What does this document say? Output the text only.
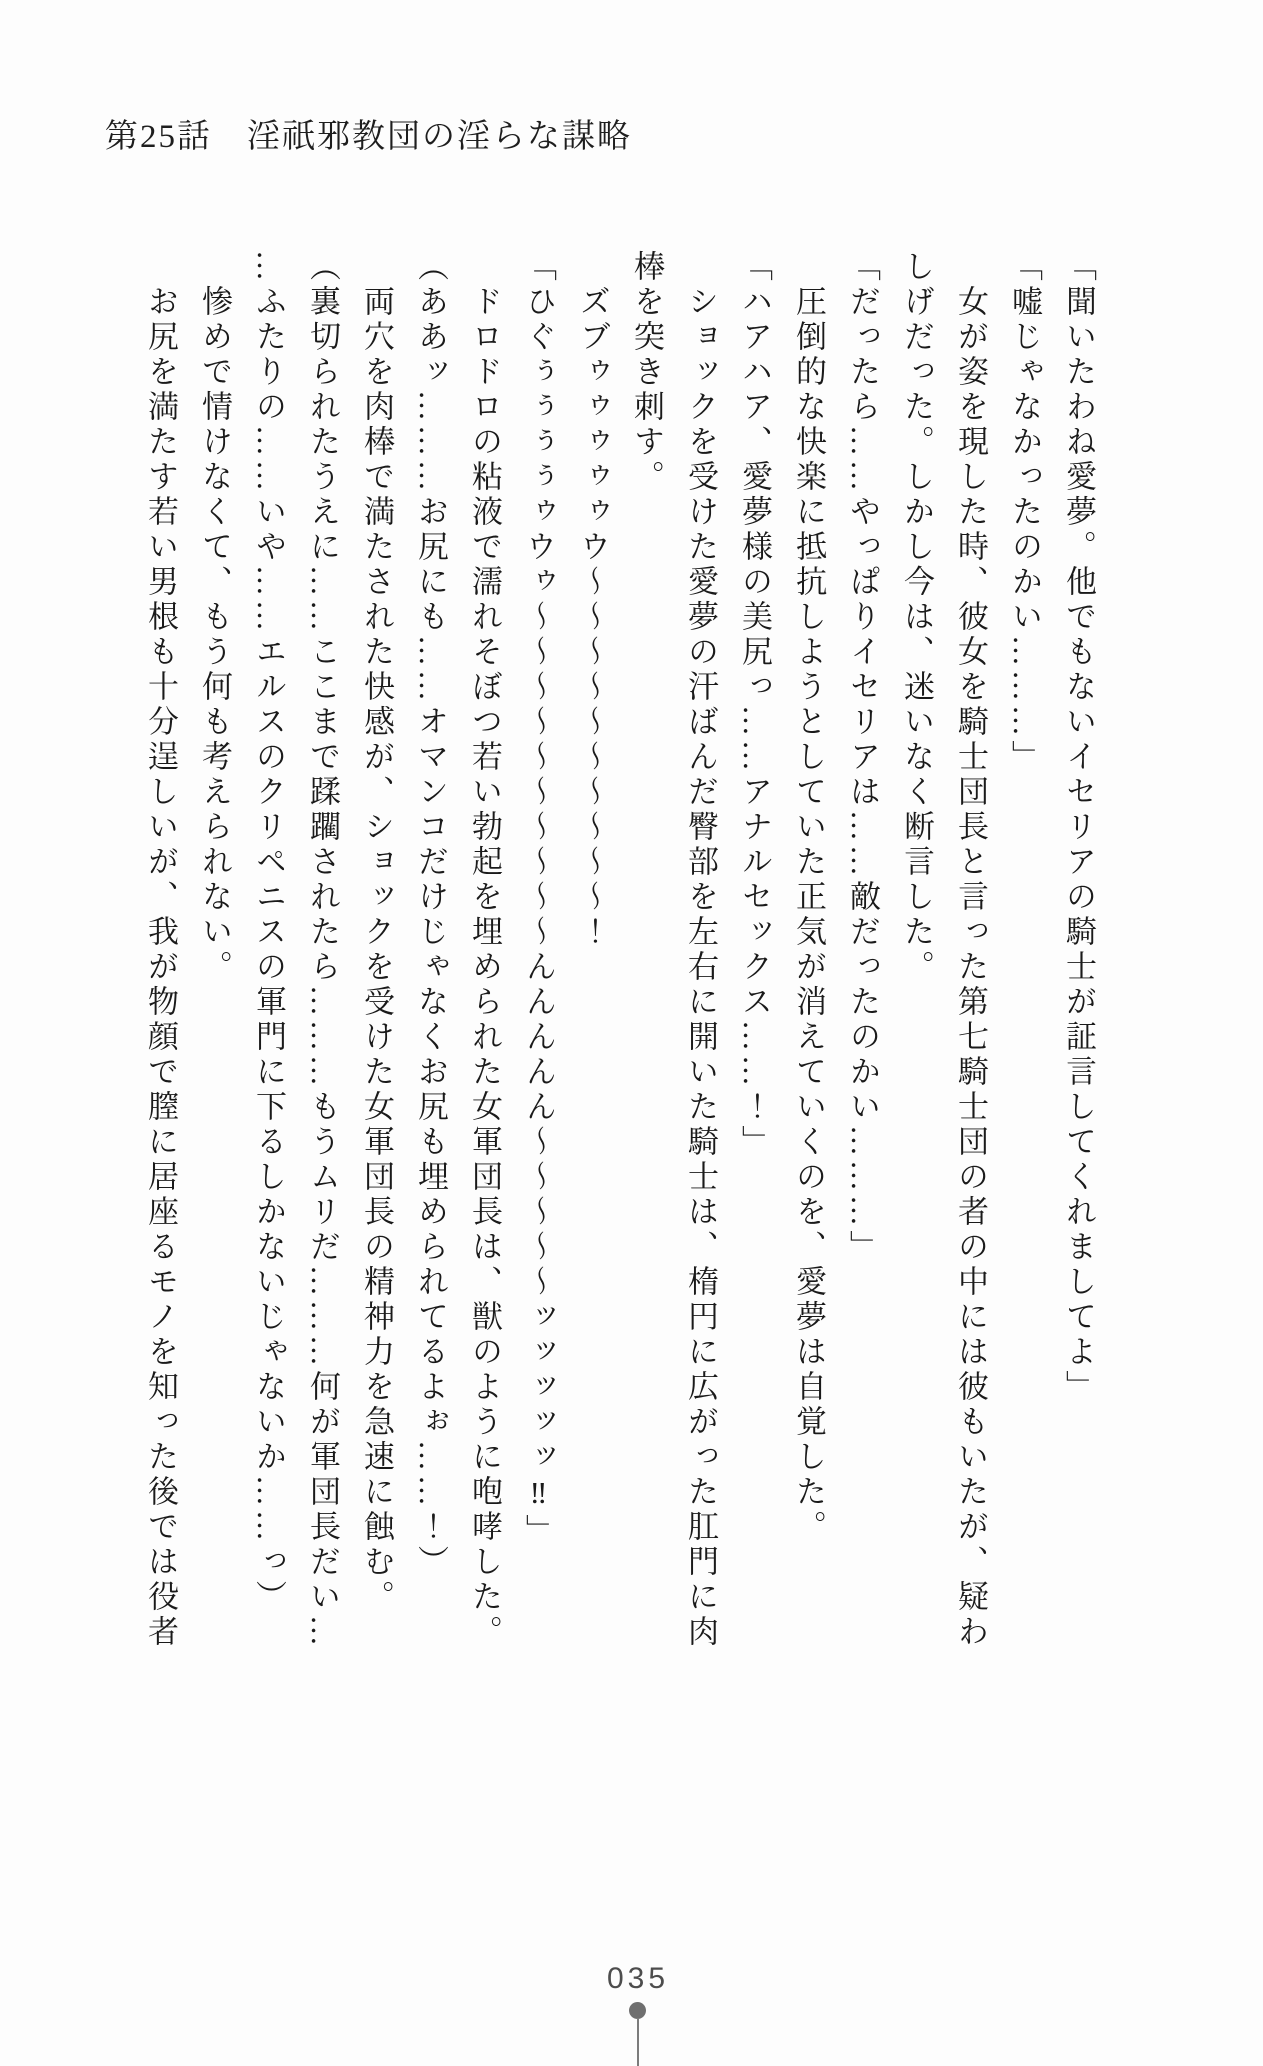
第25話　淫祇邪教団の淫らな謀略

「聞いたわね愛夢。他でもないイセリアの騎士が証言してくれましてよ」

「嘘じゃなかったのかい………」

　女が姿を現した時、彼女を騎士団長と言った第七騎士団の者の中には彼もいたが、疑わ

しげだった。しかし今は、迷いなく断言した。

「だったら……やっぱりイセリアは……敵だったのかい………」

　圧倒的な快楽に抵抗しようとしていた正気が消えていくのを、愛夢は自覚した。

「ハアハア、愛夢様の美尻っ……アナルセックス……！」

　ショックを受けた愛夢の汗ばんだ臀部を左右に開いた騎士は、楕円に広がった肛門に肉

棒を突き刺す。

　ズブゥゥゥゥゥウ〜〜〜〜〜〜〜〜〜〜！

「ひぐぅぅぅぅゥウゥ〜〜〜〜〜〜〜〜〜〜んんんんん〜〜〜〜〜ッッッッッ‼」

　ドロドロの粘液で濡れそぼつ若い勃起を埋められた女軍団長は、獣のように咆哮した。

（ああッ………お尻にも……オマンコだけじゃなくお尻も埋められてるよぉ……！）

　両穴を肉棒で満たされた快感が、ショックを受けた女軍団長の精神力を急速に蝕む。

（裏切られたうえに……ここまで蹂躙されたら………もうムリだ………何が軍団長だい…

…ふたりの……いや……エルスのクリペニスの軍門に下るしかないじゃないか……っ）

　惨めで情けなくて、もう何も考えられない。

　お尻を満たす若い男根も十分逞しいが、我が物顔で膣に居座るモノを知った後では役者

035
